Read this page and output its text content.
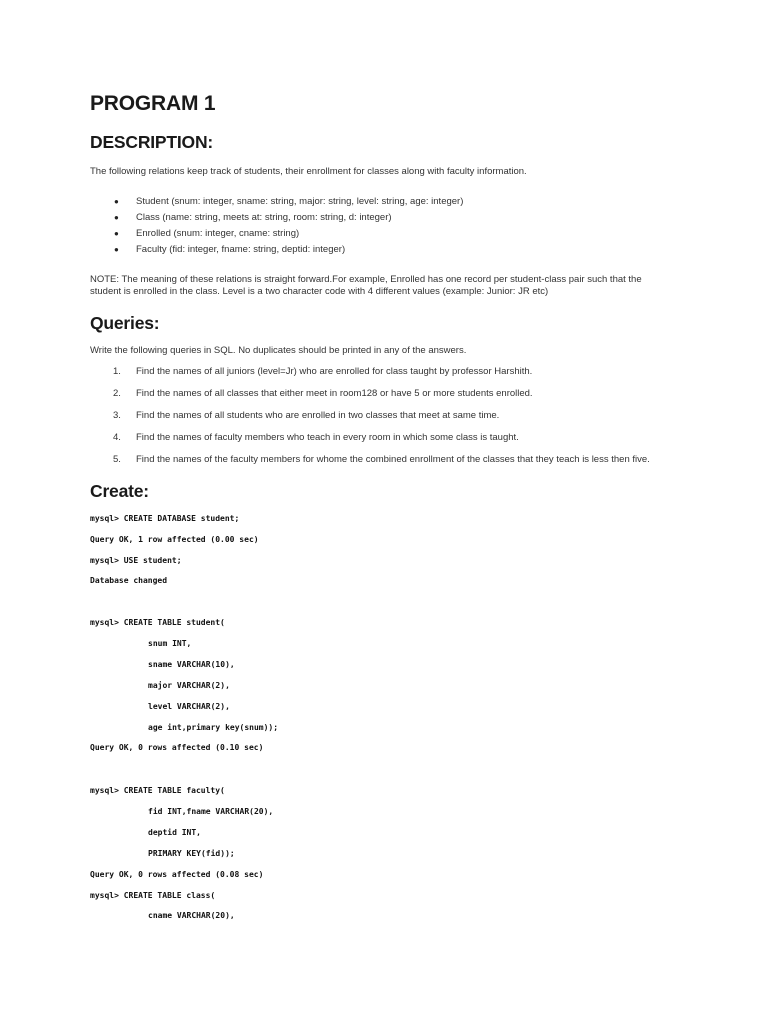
PROGRAM 1
DESCRIPTION:
The following relations keep track of students, their enrollment for classes along with faculty information.
● Student (snum: integer, sname: string, major: string, level: string, age: integer)
● Class (name: string, meets at: string, room: string, d: integer)
● Enrolled (snum: integer, cname: string)
● Faculty (fid: integer, fname: string, deptid: integer)
NOTE: The meaning of these relations is straight forward.For example, Enrolled has one record per student-class pair such that the
student is enrolled in the class. Level is a two character code with 4 different values (example: Junior: JR etc)
Queries:
Write the following queries in SQL. No duplicates should be printed in any of the answers.
1. Find the names of all juniors (level=Jr) who are enrolled for class taught by professor Harshith.
2. Find the names of all classes that either meet in room128 or have 5 or more students enrolled.
3. Find the names of all students who are enrolled in two classes that meet at same time.
4. Find the names of faculty members who teach in every room in which some class is taught.
5. Find the names of the faculty members for whome the combined enrollment of the classes that they teach is less then five.
Create:
mysql> CREATE DATABASE student;
Query OK, 1 row affected (0.00 sec)
mysql> USE student;
Database changed
mysql> CREATE TABLE student(
snum INT,
sname VARCHAR(10),
major VARCHAR(2),
level VARCHAR(2),
age int,primary key(snum));
Query OK, 0 rows affected (0.10 sec)
mysql> CREATE TABLE faculty(
fid INT,fname VARCHAR(20),
deptid INT,
PRIMARY KEY(fid));
Query OK, 0 rows affected (0.08 sec)
mysql> CREATE TABLE class(
cname VARCHAR(20),
